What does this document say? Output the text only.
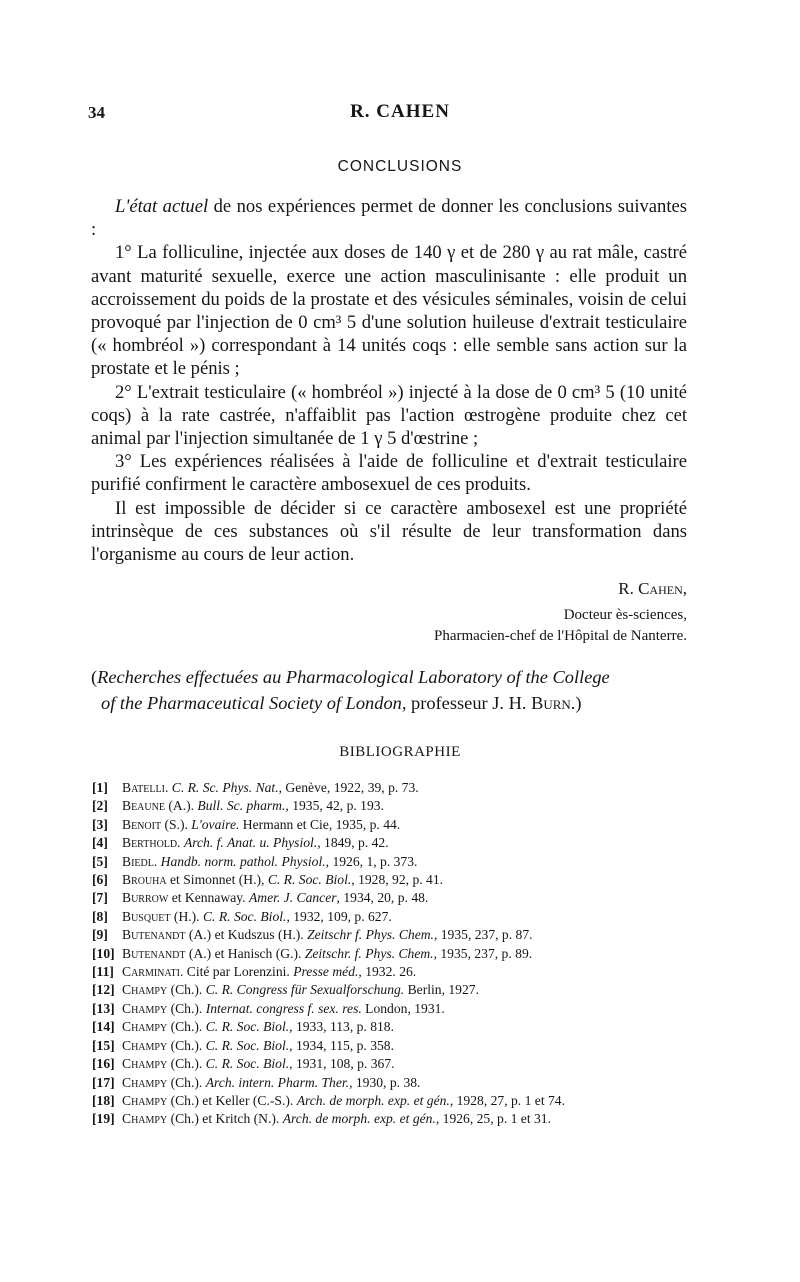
34	R. CAHEN
CONCLUSIONS

L'état actuel de nos expériences permet de donner les conclusions suivantes :

1° La folliculine, injectée aux doses de 140 γ et de 280 γ au rat mâle, castré avant maturité sexuelle, exerce une action masculinisante : elle produit un accroissement du poids de la prostate et des vésicules séminales, voisin de celui provoqué par l'injection de 0 cm³ 5 d'une solution huileuse d'extrait testiculaire (« hombréol ») correspondant à 14 unités coqs : elle semble sans action sur la prostate et le pénis ;

2° L'extrait testiculaire (« hombréol ») injecté à la dose de 0 cm³ 5 (10 unité coqs) à la rate castrée, n'affaiblit pas l'action œstrogène produite chez cet animal par l'injection simultanée de 1 γ 5 d'œstrine ;

3° Les expériences réalisées à l'aide de folliculine et d'extrait testiculaire purifié confirment le caractère ambosexuel de ces produits.

Il est impossible de décider si ce caractère ambosexel est une propriété intrinsèque de ces substances où s'il résulte de leur transformation dans l'organisme au cours de leur action.

R. Cahen,
Docteur ès-sciences,
Pharmacien-chef de l'Hôpital de Nanterre.
(Recherches effectuées au Pharmacological Laboratory of the College
of the Pharmaceutical Society of London, professeur J. H. Burn.)
BIBLIOGRAPHIE
[1] Batelli. C. R. Sc. Phys. Nat., Genève, 1922, 39, p. 73.
[2] Beaune (A.). Bull. Sc. pharm., 1935, 42, p. 193.
[3] Benoit (S.). L'ovaire. Hermann et Cie, 1935, p. 44.
[4] Berthold. Arch. f. Anat. u. Physiol., 1849, p. 42.
[5] Biedl. Handb. norm. pathol. Physiol., 1926, 1, p. 373.
[6] Brouha et Simonnet (H.), C. R. Soc. Biol., 1928, 92, p. 41.
[7] Burrow et Kennaway. Amer. J. Cancer, 1934, 20, p. 48.
[8] Busquet (H.). C. R. Soc. Biol., 1932, 109, p. 627.
[9] Butenandt (A.) et Kudszus (H.). Zeitschr f. Phys. Chem., 1935, 237, p. 87.
[10] Butenandt (A.) et Hanisch (G.). Zeitschr. f. Phys. Chem., 1935, 237, p. 89.
[11] Carminati. Cité par Lorenzini. Presse méd., 1932. 26.
[12] Champy (Ch.). C. R. Congress für Sexualforschung. Berlin, 1927.
[13] Champy (Ch.). Internat. congress f. sex. res. London, 1931.
[14] Champy (Ch.). C. R. Soc. Biol., 1933, 113, p. 818.
[15] Champy (Ch.). C. R. Soc. Biol., 1934, 115, p. 358.
[16] Champy (Ch.). C. R. Soc. Biol., 1931, 108, p. 367.
[17] Champy (Ch.). Arch. intern. Pharm. Ther., 1930, p. 38.
[18] Champy (Ch.) et Keller (C.-S.). Arch. de morph. exp. et gén., 1928, 27, p. 1 et 74.
[19] Champy (Ch.) et Kritch (N.). Arch. de morph. exp. et gén., 1926, 25, p. 1 et 31.
